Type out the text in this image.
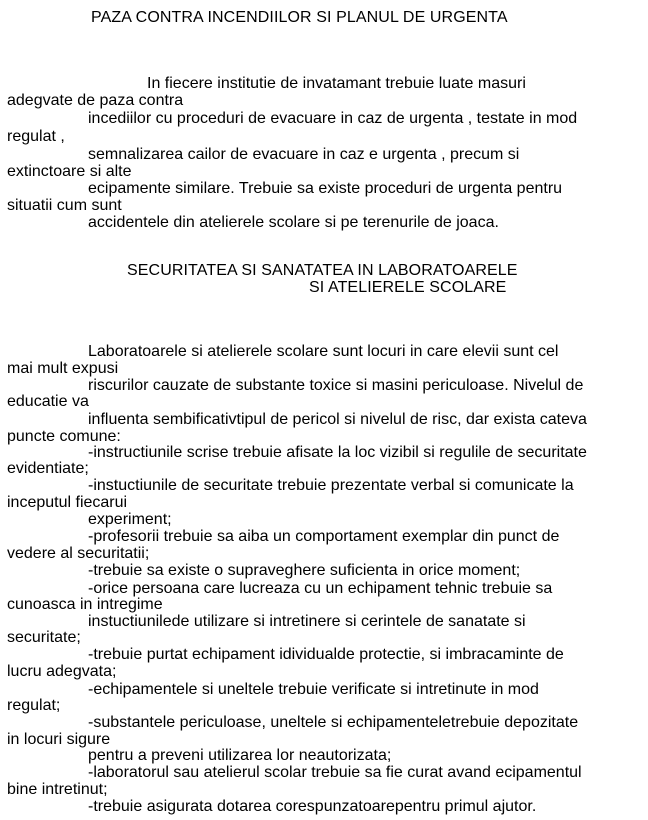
PAZA CONTRA INCENDIILOR SI PLANUL DE URGENTA
In fiecere institutie de invatamant trebuie luate masuri
adegvate de paza contra
incediilor cu proceduri de evacuare in caz de urgenta , testate in mod
regulat ,
semnalizarea cailor de evacuare in caz e urgenta , precum si
extinctoare si alte
ecipamente similare. Trebuie sa existe proceduri de urgenta pentru
situatii cum sunt
accidentele din atelierele scolare si pe terenurile de joaca.
SECURITATEA SI SANATATEA IN LABORATOARELE
SI ATELIERELE SCOLARE
Laboratoarele si atelierele scolare sunt locuri in care elevii sunt cel
mai mult expusi
riscurilor cauzate de substante toxice si masini periculoase. Nivelul de
educatie va
influenta sembificativtipul de pericol si nivelul de risc, dar exista cateva
puncte comune:
-instructiunile scrise trebuie afisate la loc vizibil si regulile de securitate
evidentiate;
-instuctiunile de securitate trebuie prezentate verbal si comunicate la
inceputul fiecarui
experiment;
-profesorii trebuie sa aiba un comportament exemplar din punct de
vedere al securitatii;
-trebuie sa existe o supraveghere suficienta in orice moment;
-orice persoana care lucreaza cu un echipament tehnic trebuie sa
cunoasca in intregime
instuctiunilede utilizare si intretinere si cerintele de sanatate si
securitate;
-trebuie purtat echipament idividualde protectie, si imbracaminte de
lucru adegvata;
-echipamentele si uneltele trebuie verificate si intretinute in mod
regulat;
-substantele periculoase, uneltele si echipamenteletrebuie depozitate
in locuri sigure
pentru a preveni utilizarea lor neautorizata;
-laboratorul sau atelierul scolar trebuie sa fie curat avand ecipamentul
bine intretinut;
-trebuie asigurata dotarea corespunzatoarepentru primul ajutor.
